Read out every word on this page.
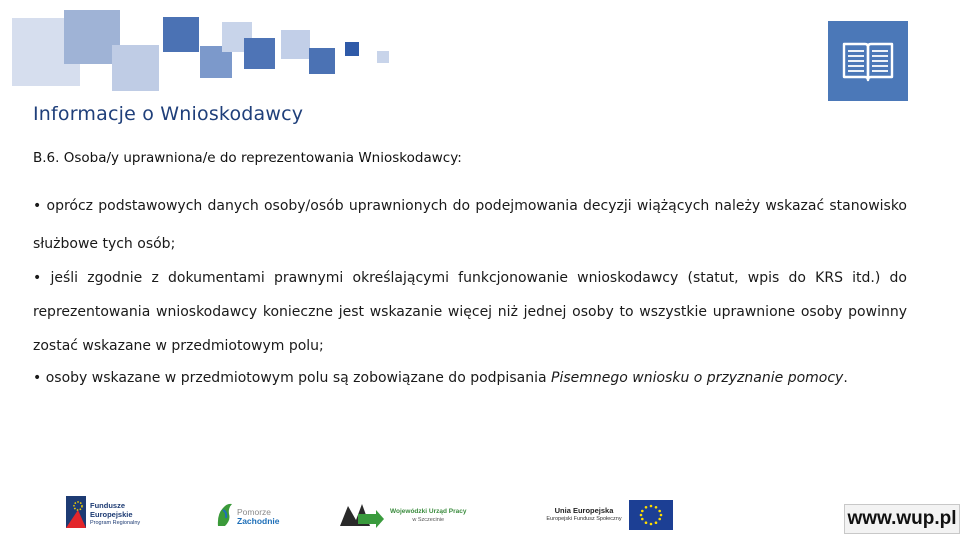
Informacje o Wnioskodawcy
B.6. Osoba/y uprawniona/e do reprezentowania Wnioskodawcy:
• oprócz podstawowych danych osoby/osób uprawnionych do podejmowania decyzji wiążących należy wskazać stanowisko służbowe tych osób;
• jeśli zgodnie z dokumentami prawnymi określającymi funkcjonowanie wnioskodawcy (statut, wpis do KRS itd.) do reprezentowania wnioskodawcy konieczne jest wskazanie więcej niż jednej osoby to wszystkie uprawnione osoby powinny zostać wskazane w przedmiotowym polu;
• osoby wskazane w przedmiotowym polu są zobowiązane do podpisania Pisemnego wniosku o przyznanie pomocy.
Fundusze
Europejskie
Program Regionalny
Pomorze
Zachodnie
Wojewódzki Urząd Pracy
w Szczecinie
Unia Europejska
Europejski Fundusz Społeczny	www.wup.pl
